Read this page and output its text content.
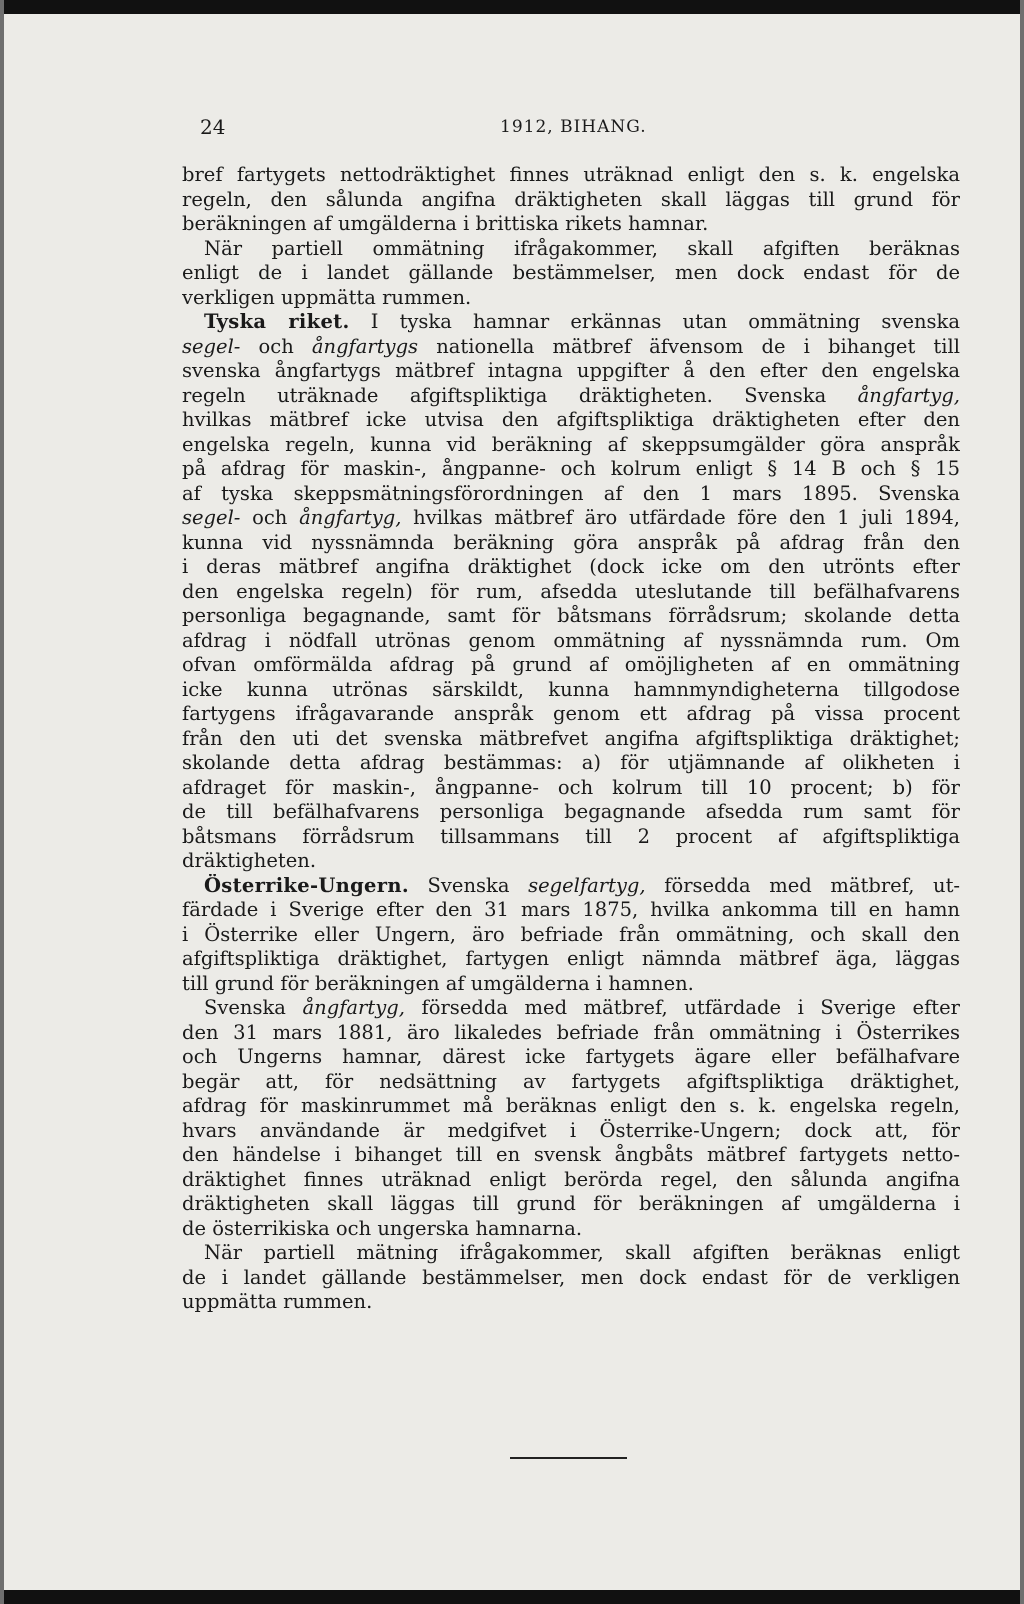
24	1912, BIHANG.
bref fartygets nettodräktighet finnes uträknad enligt den s. k. engelska
regeln, den sålunda angifna dräktigheten skall läggas till grund för
beräkningen af umgälderna i brittiska rikets hamnar.
När partiell ommätning ifrågakommer, skall afgiften beräknas
enligt de i landet gällande bestämmelser, men dock endast för de
verkligen uppmätta rummen.
Tyska riket. I tyska hamnar erkännas utan ommätning svenska
segel- och ångfartygs nationella mätbref äfvensom de i bihanget till
svenska ångfartygs mätbref intagna uppgifter å den efter den engelska
regeln uträknade afgiftspliktiga dräktigheten. Svenska ångfartyg,
hvilkas mätbref icke utvisa den afgiftspliktiga dräktigheten efter den
engelska regeln, kunna vid beräkning af skeppsumgälder göra anspråk
på afdrag för maskin-, ångpanne- och kolrum enligt § 14 B och § 15
af tyska skeppsmätningsförordningen af den 1 mars 1895. Svenska
segel- och ångfartyg, hvilkas mätbref äro utfärdade före den 1 juli 1894,
kunna vid nyssnämnda beräkning göra anspråk på afdrag från den
i deras mätbref angifna dräktighet (dock icke om den utrönts efter
den engelska regeln) för rum, afsedda uteslutande till befälhafvarens
personliga begagnande, samt för båtsmans förrådsrum; skolande detta
afdrag i nödfall utrönas genom ommätning af nyssnämnda rum. Om
ofvan omförmälda afdrag på grund af omöjligheten af en ommätning
icke kunna utrönas särskildt, kunna hamnmyndigheterna tillgodose
fartygens ifrågavarande anspråk genom ett afdrag på vissa procent
från den uti det svenska mätbrefvet angifna afgiftspliktiga dräktighet;
skolande detta afdrag bestämmas: a) för utjämnande af olikheten i
afdraget för maskin-, ångpanne- och kolrum till 10 procent; b) för
de till befälhafvarens personliga begagnande afsedda rum samt för
båtsmans förrådsrum tillsammans till 2 procent af afgiftspliktiga
dräktigheten.
Österrike-Ungern. Svenska segelfartyg, försedda med mätbref, ut-
färdade i Sverige efter den 31 mars 1875, hvilka ankomma till en hamn
i Österrike eller Ungern, äro befriade från ommätning, och skall den
afgiftspliktiga dräktighet, fartygen enligt nämnda mätbref äga, läggas
till grund för beräkningen af umgälderna i hamnen.
Svenska ångfartyg, försedda med mätbref, utfärdade i Sverige efter
den 31 mars 1881, äro likaledes befriade från ommätning i Österrikes
och Ungerns hamnar, därest icke fartygets ägare eller befälhafvare
begär att, för nedsättning av fartygets afgiftspliktiga dräktighet,
afdrag för maskinrummet må beräknas enligt den s. k. engelska regeln,
hvars användande är medgifvet i Österrike-Ungern; dock att, för
den händelse i bihanget till en svensk ångbåts mätbref fartygets netto-
dräktighet finnes uträknad enligt berörda regel, den sålunda angifna
dräktigheten skall läggas till grund för beräkningen af umgälderna i
de österrikiska och ungerska hamnarna.
När partiell mätning ifrågakommer, skall afgiften beräknas enligt
de i landet gällande bestämmelser, men dock endast för de verkligen
uppmätta rummen.
